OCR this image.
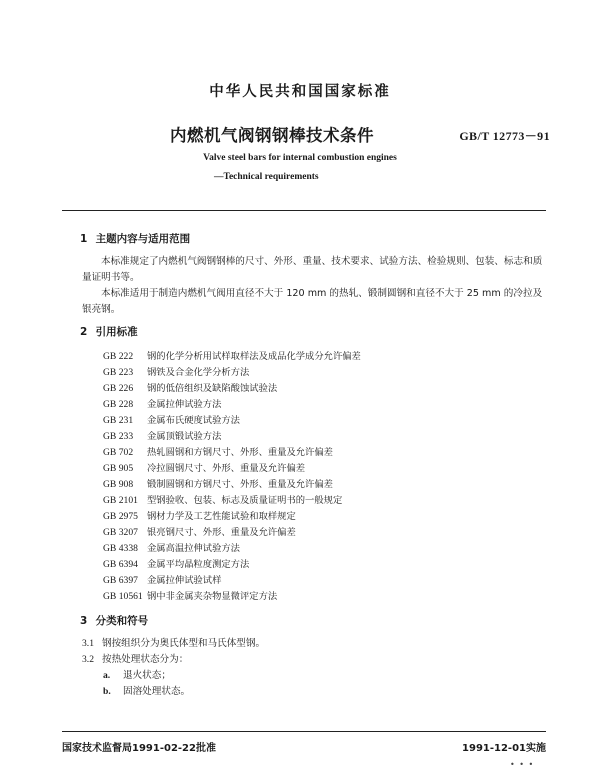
中华人民共和国国家标准
内燃机气阀钢钢棒技术条件	GB/T 12773－91
Valve steel bars for internal combustion engines
—Technical requirements
1 主题内容与适用范围

本标准规定了内燃机气阀钢钢棒的尺寸、外形、重量、技术要求、试验方法、检验规则、包装、标志和质量证明书等。

本标准适用于制造内燃机气阀用直径不大于 120 mm 的热轧、锻制圆钢和直径不大于 25 mm 的冷拉及银亮钢。

2 引用标准
GB 222 钢的化学分析用试样取样法及成品化学成分允许偏差
GB 223 钢铁及合金化学分析方法
GB 226 钢的低倍组织及缺陷酸蚀试验法
GB 228 金属拉伸试验方法
GB 231 金属布氏硬度试验方法
GB 233 金属顶锻试验方法
GB 702 热轧圆钢和方钢尺寸、外形、重量及允许偏差
GB 905 冷拉圆钢尺寸、外形、重量及允许偏差
GB 908 锻制圆钢和方钢尺寸、外形、重量及允许偏差
GB 2101 型钢验收、包装、标志及质量证明书的一般规定
GB 2975 钢材力学及工艺性能试验和取样规定
GB 3207 银亮钢尺寸、外形、重量及允许偏差
GB 4338 金属高温拉伸试验方法
GB 6394 金属平均晶粒度测定方法
GB 6397 金属拉伸试验试样
GB 10561 钢中非金属夹杂物显微评定方法
3 分类和符号
3.1 钢按组织分为奥氏体型和马氏体型钢。
3.2 按热处理状态分为：
a. 退火状态；
b. 固溶处理状态。
国家技术监督局1991-02-22批准	1991-12-01实施
• • •
